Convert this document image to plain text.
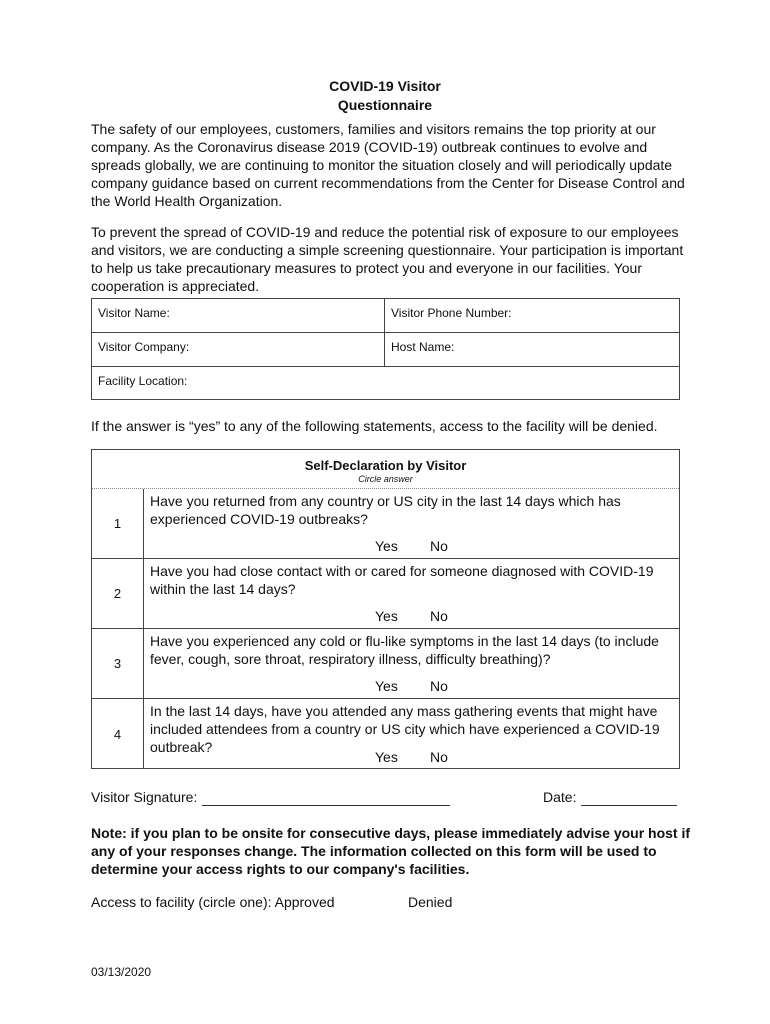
COVID-19 Visitor
Questionnaire
The safety of our employees, customers, families and visitors remains the top priority at our company. As the Coronavirus disease 2019 (COVID-19) outbreak continues to evolve and spreads globally, we are continuing to monitor the situation closely and will periodically update company guidance based on current recommendations from the Center for Disease Control and the World Health Organization.
To prevent the spread of COVID-19 and reduce the potential risk of exposure to our employees and visitors, we are conducting a simple screening questionnaire. Your participation is important to help us take precautionary measures to protect you and everyone in our facilities. Your cooperation is appreciated.
Visitor Name:	Visitor Phone Number:
Visitor Company:	Host Name:
Facility Location:
If the answer is “yes” to any of the following statements, access to the facility will be denied.
Self-Declaration by Visitor
Circle answer
1
Have you returned from any country or US city in the last 14 days which has experienced COVID-19 outbreaks?
Yes No
2
Have you had close contact with or cared for someone diagnosed with COVID-19 within the last 14 days?
Yes No
3
Have you experienced any cold or flu-like symptoms in the last 14 days (to include fever, cough, sore throat, respiratory illness, difficulty breathing)?
Yes No
4
In the last 14 days, have you attended any mass gathering events that might have included attendees from a country or US city which have experienced a COVID-19 outbreak?
Yes No
Visitor Signature:	Date:
Note: if you plan to be onsite for consecutive days, please immediately advise your host if any of your responses change. The information collected on this form will be used to determine your access rights to our company's facilities.
Access to facility (circle one): Approved	Denied
03/13/2020
